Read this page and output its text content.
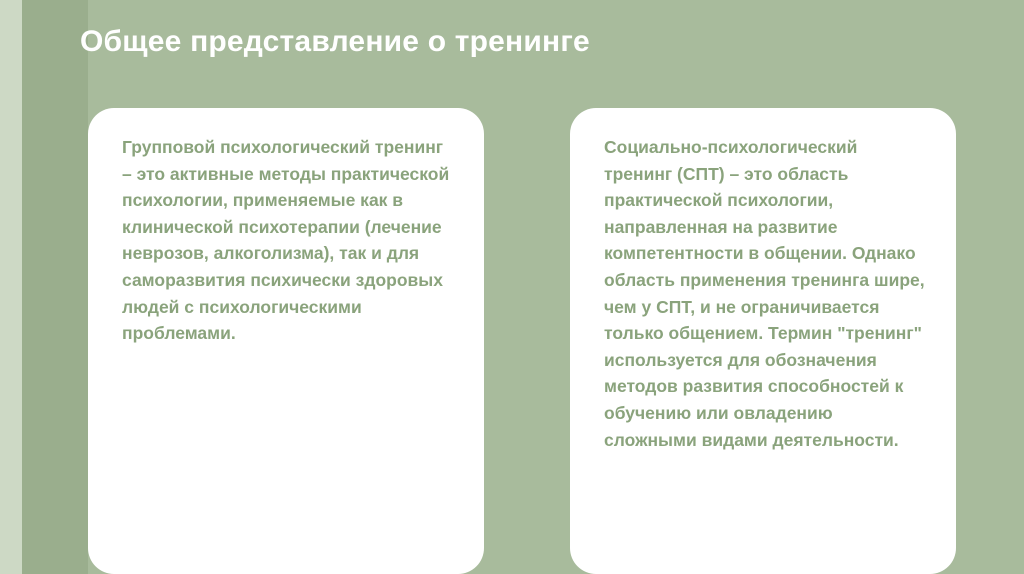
Общее представление о тренинге

Групповой психологический тренинг – это активные методы практической психологии, применяемые как в клинической психотерапии (лечение неврозов, алкоголизма), так и для саморазвития психически здоровых людей с психологическими проблемами.

Социально-психологический тренинг (СПТ) – это область практической психологии, направленная на развитие компетентности в общении. Однако область применения тренинга шире, чем у СПТ, и не ограничивается только общением. Термин "тренинг" используется для обозначения методов развития способностей к обучению или овладению сложными видами деятельности.
